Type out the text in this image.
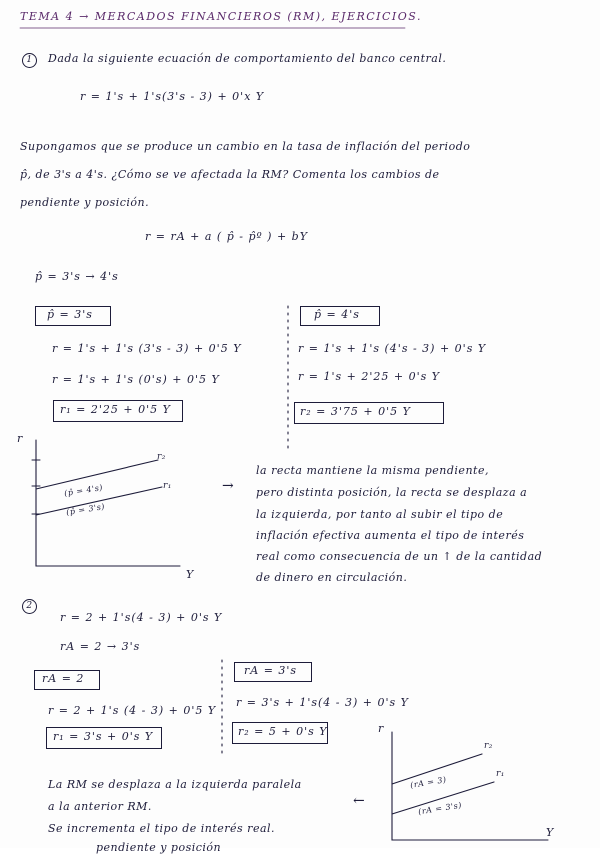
TEMA 4 → MERCADOS FINANCIEROS (RM), EJERCICIOS.
1	Dada la siguiente ecuación de comportamiento del banco central.
r = 1's + 1's(3's - 3) + 0'x Y
Supongamos que se produce un cambio en la tasa de inflación del periodo
p̂, de 3's a 4's. ¿Cómo se ve afectada la RM? Comenta los cambios de
pendiente y posición.
r = rA + a ( p̂ - p̂º ) + bY
p̂ = 3's → 4's
p̂ = 3's
r = 1's + 1's (3's - 3) + 0'5 Y
r = 1's + 1's (0's) + 0'5 Y
r₁ = 2'25 + 0'5 Y
p̂ = 4's
r = 1's + 1's (4's - 3) + 0's Y
r = 1's + 2'25 + 0's Y
r₂ = 3'75 + 0'5 Y
r
Y
r₂
r₁
(p̂ = 4's)
(p̂ = 3's)
→
la recta mantiene la misma pendiente,
pero distinta posición, la recta se desplaza a
la izquierda, por tanto al subir el tipo de
inflación efectiva aumenta el tipo de interés
real como consecuencia de un ↑ de la cantidad
de dinero en circulación.
2
r = 2 + 1's(4 - 3) + 0's Y
rA = 2 → 3's
rA = 2
r = 2 + 1's (4 - 3) + 0'5 Y
r₁ = 3's + 0's Y
rA = 3's
r = 3's + 1's(4 - 3) + 0's Y
r₂ = 5 + 0's Y	r
Y
r₂
r₁
(rA = 3)
(rA = 3's)
←
La RM se desplaza a la izquierda paralela
a la anterior RM.
Se incrementa el tipo de interés real.
pendiente y posición
